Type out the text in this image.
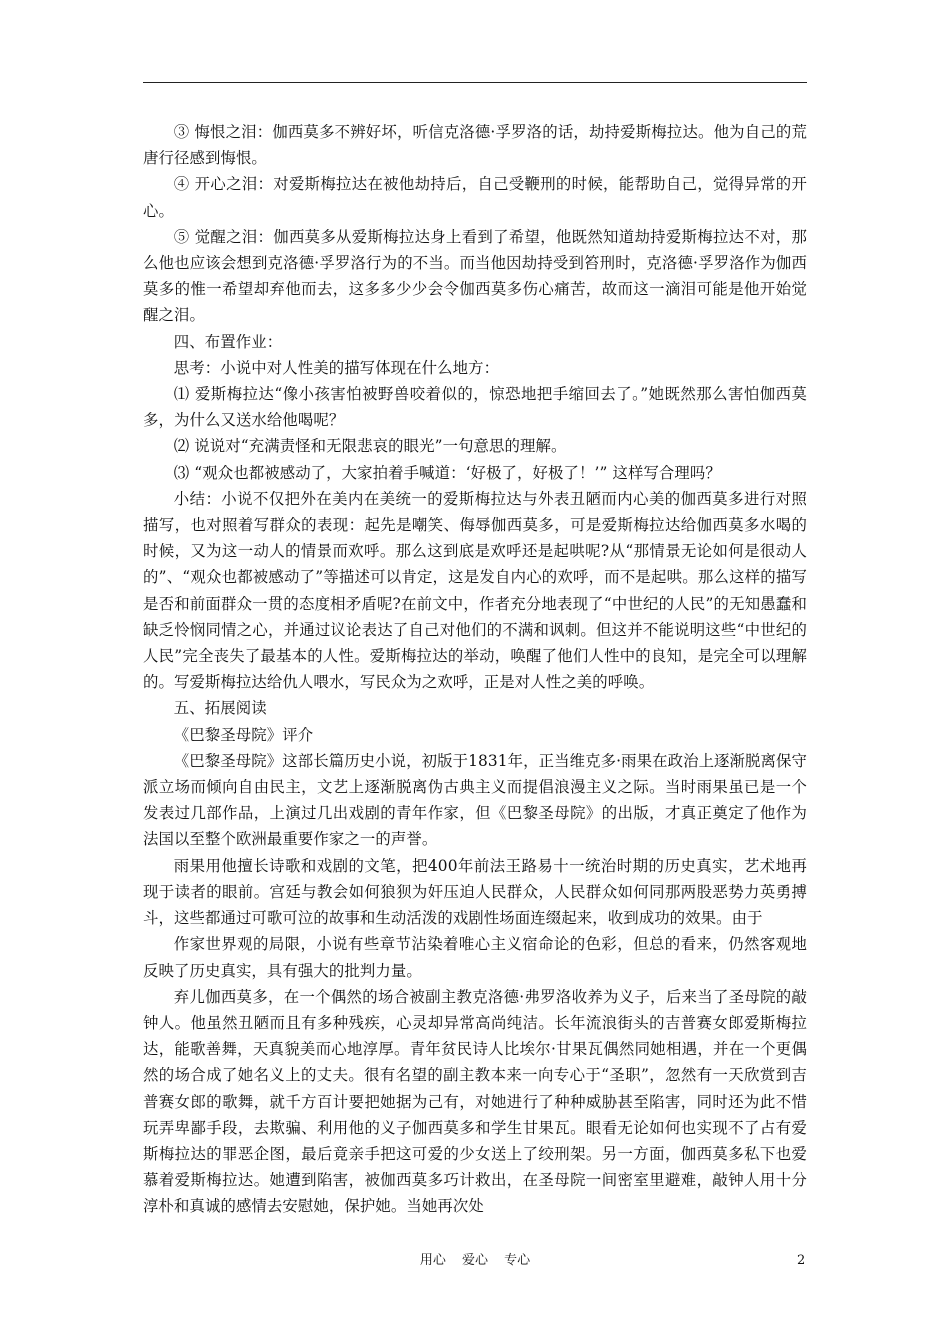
③ 悔恨之泪：伽西莫多不辨好坏，听信克洛德·孚罗洛的话，劫持爱斯梅拉达。他为自己的荒唐行径感到悔恨。

④ 开心之泪：对爱斯梅拉达在被他劫持后，自己受鞭刑的时候，能帮助自己，觉得异常的开心。

⑤ 觉醒之泪：伽西莫多从爱斯梅拉达身上看到了希望，他既然知道劫持爱斯梅拉达不对，那么他也应该会想到克洛德·孚罗洛行为的不当。而当他因劫持受到笞刑时，克洛德·孚罗洛作为伽西莫多的惟一希望却弃他而去，这多多少少会令伽西莫多伤心痛苦，故而这一滴泪可能是他开始觉醒之泪。

四、布置作业：

思考：小说中对人性美的描写体现在什么地方：

⑴ 爱斯梅拉达“像小孩害怕被野兽咬着似的，惊恐地把手缩回去了。”她既然那么害怕伽西莫多，为什么又送水给他喝呢？

⑵ 说说对“充满责怪和无限悲哀的眼光”一句意思的理解。

⑶ “观众也都被感动了，大家拍着手喊道：‘好极了，好极了！’” 这样写合理吗？

小结：小说不仅把外在美内在美统一的爱斯梅拉达与外表丑陋而内心美的伽西莫多进行对照描写，也对照着写群众的表现：起先是嘲笑、侮辱伽西莫多，可是爱斯梅拉达给伽西莫多水喝的时候，又为这一动人的情景而欢呼。那么这到底是欢呼还是起哄呢?从“那情景无论如何是很动人的”、“观众也都被感动了”等描述可以肯定，这是发自内心的欢呼，而不是起哄。那么这样的描写是否和前面群众一贯的态度相矛盾呢?在前文中，作者充分地表现了“中世纪的人民”的无知愚蠢和缺乏怜悯同情之心，并通过议论表达了自己对他们的不满和讽刺。但这并不能说明这些“中世纪的人民”完全丧失了最基本的人性。爱斯梅拉达的举动，唤醒了他们人性中的良知，是完全可以理解的。写爱斯梅拉达给仇人喂水，写民众为之欢呼，正是对人性之美的呼唤。

五、拓展阅读

《巴黎圣母院》评介

《巴黎圣母院》这部长篇历史小说，初版于1831年，正当维克多·雨果在政治上逐渐脱离保守派立场而倾向自由民主，文艺上逐渐脱离伪古典主义而提倡浪漫主义之际。当时雨果虽已是一个发表过几部作品，上演过几出戏剧的青年作家，但《巴黎圣母院》的出版，才真正奠定了他作为法国以至整个欧洲最重要作家之一的声誉。

雨果用他擅长诗歌和戏剧的文笔，把400年前法王路易十一统治时期的历史真实，艺术地再现于读者的眼前。宫廷与教会如何狼狈为奸压迫人民群众，人民群众如何同那两股恶势力英勇搏斗，这些都通过可歌可泣的故事和生动活泼的戏剧性场面连缀起来，收到成功的效果。由于

作家世界观的局限，小说有些章节沾染着唯心主义宿命论的色彩，但总的看来，仍然客观地反映了历史真实，具有强大的批判力量。

弃儿伽西莫多，在一个偶然的场合被副主教克洛德·弗罗洛收养为义子，后来当了圣母院的敲钟人。他虽然丑陋而且有多种残疾，心灵却异常高尚纯洁。长年流浪街头的吉普赛女郎爱斯梅拉达，能歌善舞，天真貌美而心地淳厚。青年贫民诗人比埃尔·甘果瓦偶然同她相遇，并在一个更偶然的场合成了她名义上的丈夫。很有名望的副主教本来一向专心于“圣职”，忽然有一天欣赏到吉普赛女郎的歌舞，就千方百计要把她据为己有，对她进行了种种威胁甚至陷害，同时还为此不惜玩弄卑鄙手段，去欺骗、利用他的义子伽西莫多和学生甘果瓦。眼看无论如何也实现不了占有爱斯梅拉达的罪恶企图，最后竟亲手把这可爱的少女送上了绞刑架。另一方面，伽西莫多私下也爱慕着爱斯梅拉达。她遭到陷害，被伽西莫多巧计救出，在圣母院一间密室里避难，敲钟人用十分淳朴和真诚的感情去安慰她，保护她。当她再次处

用心 爱心 专心	2
